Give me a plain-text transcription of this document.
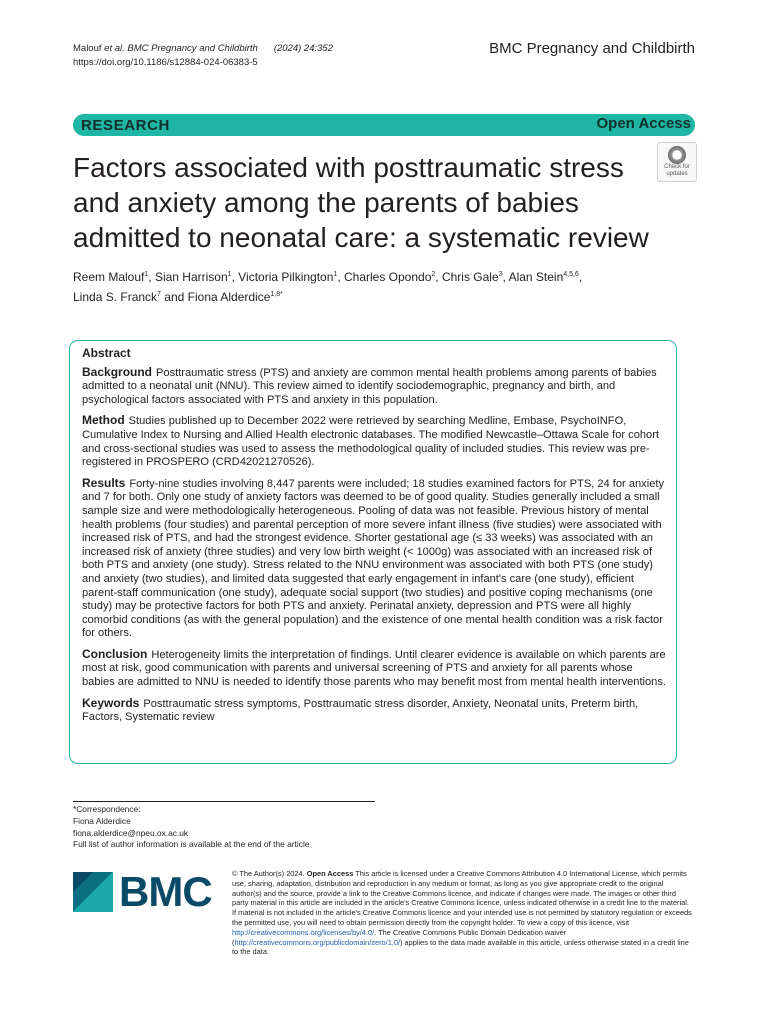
Malouf et al. BMC Pregnancy and Childbirth (2024) 24:352
https://doi.org/10.1186/s12884-024-06383-5
BMC Pregnancy and Childbirth
RESEARCH	Open Access
Factors associated with posttraumatic stress and anxiety among the parents of babies admitted to neonatal care: a systematic review
Check for
updates
Reem Malouf$^1$, Sian Harrison$^1$, Victoria Pilkington$^1$, Charles Opondo$^2$, Chris Gale$^3$, Alan Stein$^{4,5,6}$,
Linda S. Franck$^7$ and Fiona Alderdice$^{1,8*}$

Abstract

Background Posttraumatic stress (PTS) and anxiety are common mental health problems among parents of babies admitted to a neonatal unit (NNU). This review aimed to identify sociodemographic, pregnancy and birth, and psychological factors associated with PTS and anxiety in this population.

Method Studies published up to December 2022 were retrieved by searching Medline, Embase, PsychoINFO, Cumulative Index to Nursing and Allied Health electronic databases. The modified Newcastle–Ottawa Scale for cohort and cross-sectional studies was used to assess the methodological quality of included studies. This review was pre-registered in PROSPERO (CRD42021270526).

Results Forty-nine studies involving 8,447 parents were included; 18 studies examined factors for PTS, 24 for anxiety and 7 for both. Only one study of anxiety factors was deemed to be of good quality. Studies generally included a small sample size and were methodologically heterogeneous. Pooling of data was not feasible. Previous history of mental health problems (four studies) and parental perception of more severe infant illness (five studies) were associated with increased risk of PTS, and had the strongest evidence. Shorter gestational age (≤ 33 weeks) was associated with an increased risk of anxiety (three studies) and very low birth weight (< 1000g) was associated with an increased risk of both PTS and anxiety (one study). Stress related to the NNU environment was associated with both PTS (one study) and anxiety (two studies), and limited data suggested that early engagement in infant's care (one study), efficient parent-staff communication (one study), adequate social support (two studies) and positive coping mechanisms (one study) may be protective factors for both PTS and anxiety. Perinatal anxiety, depression and PTS were all highly comorbid conditions (as with the general population) and the existence of one mental health condition was a risk factor for others.

Conclusion Heterogeneity limits the interpretation of findings. Until clearer evidence is available on which parents are most at risk, good communication with parents and universal screening of PTS and anxiety for all parents whose babies are admitted to NNU is needed to identify those parents who may benefit most from mental health interventions.

Keywords Posttraumatic stress symptoms, Posttraumatic stress disorder, Anxiety, Neonatal units, Preterm birth, Factors, Systematic review

*Correspondence:
Fiona Alderdice
fiona.alderdice@npeu.ox.ac.uk
Full list of author information is available at the end of the article
BMC	© The Author(s) 2024. Open Access This article is licensed under a Creative Commons Attribution 4.0 International License, which permits use, sharing, adaptation, distribution and reproduction in any medium or format, as long as you give appropriate credit to the original author(s) and the source, provide a link to the Creative Commons licence, and indicate if changes were made. The images or other third party material in this article are included in the article's Creative Commons licence, unless indicated otherwise in a credit line to the material. If material is not included in the article's Creative Commons licence and your intended use is not permitted by statutory regulation or exceeds the permitted use, you will need to obtain permission directly from the copyright holder. To view a copy of this licence, visit http://creativecommons.org/licenses/by/4.0/. The Creative Commons Public Domain Dedication waiver (http://creativecommons.org/publicdomain/zero/1.0/) applies to the data made available in this article, unless otherwise stated in a credit line to the data.
